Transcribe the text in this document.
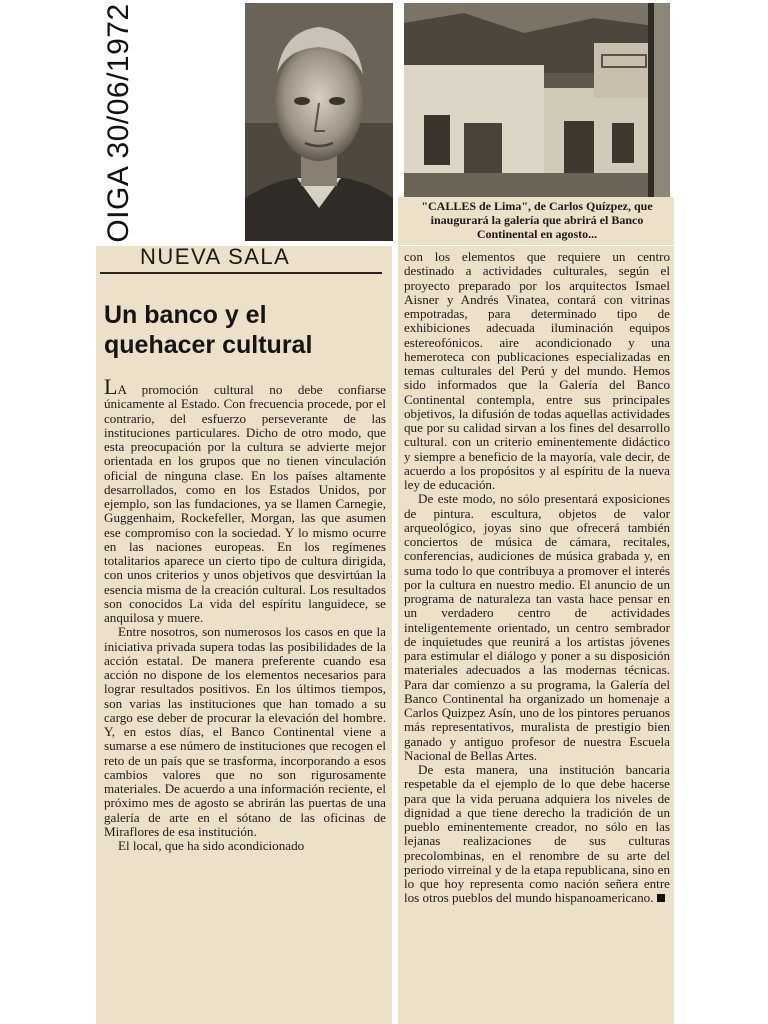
OIGA 30/06/1972	"CALLES de Lima", de Carlos Quízpez, que inaugurará la galería que abrirá el Banco Continental en agosto...
NUEVA SALA
Un banco y el quehacer cultural

LA promoción cultural no debe confiarse únicamente al Estado. Con frecuencia procede, por el contrario, del esfuerzo perseverante de las instituciones particulares. Dicho de otro modo, que esta preocupación por la cultura se advierte mejor orientada en los grupos que no tienen vinculación oficial de ninguna clase. En los países altamente desarrollados, como en los Estados Unidos, por ejemplo, son las fundaciones, ya se llamen Carnegie, Guggenhaim, Rockefeller, Morgan, las que asumen ese compromiso con la sociedad. Y lo mismo ocurre en las naciones europeas. En los regímenes totalitarios aparece un cierto tipo de cultura dirigida, con unos criterios y unos objetivos que desvirtúan la esencia misma de la creación cultural. Los resultados son conocidos La vida del espíritu languidece, se anquilosa y muere.

Entre nosotros, son numerosos los casos en que la iniciativa privada supera todas las posibilidades de la acción estatal. De manera preferente cuando esa acción no dispone de los elementos necesarios para lograr resultados positivos. En los últimos tiempos, son varias las instituciones que han tomado a su cargo ese deber de procurar la elevación del hombre. Y, en estos días, el Banco Continental viene a sumarse a ese número de instituciones que recogen el reto de un país que se trasforma, incorporando a esos cambios valores que no son rigurosamente materiales. De acuerdo a una información reciente, el próximo mes de agosto se abrirán las puertas de una galería de arte en el sótano de las oficinas de Miraflores de esa institución.

El local, que ha sido acondicionado

con los elementos que requiere un centro destinado a actividades culturales, según el proyecto preparado por los arquitectos Ismael Aisner y Andrés Vinatea, contará con vitrinas empotradas, para determinado tipo de exhibiciones adecuada iluminación equipos estereofónicos. aire acondicionado y una hemeroteca con publicaciones especializadas en temas culturales del Perú y del mundo. Hemos sido informados que la Galería del Banco Continental contempla, entre sus principales objetivos, la difusión de todas aquellas actividades que por su calidad sirvan a los fines del desarrollo cultural. con un criterio eminentemente didáctico y siempre a beneficio de la mayoría, vale decir, de acuerdo a los propósitos y al espíritu de la nueva ley de educación.

De este modo, no sólo presentará exposiciones de pintura. escultura, objetos de valor arqueológico, joyas sino que ofrecerá también conciertos de música de cámara, recitales, conferencias, audiciones de música grabada y, en suma todo lo que contribuya a promover el interés por la cultura en nuestro medio. El anuncio de un programa de naturaleza tan vasta hace pensar en un verdadero centro de actividades inteligentemente orientado, un centro sembrador de inquietudes que reunirá a los artistas jóvenes para estimular el diálogo y poner a su disposición materiales adecuados a las modernas técnicas. Para dar comienzo a su programa, la Galería del Banco Continental ha organizado un homenaje a Carlos Quizpez Asín, uno de los pintores peruanos más representativos, muralista de prestigio bien ganado y antiguo profesor de nuestra Escuela Nacional de Bellas Artes.

De esta manera, una institución bancaria respetable da el ejemplo de lo que debe hacerse para que la vida peruana adquiera los niveles de dignidad a que tiene derecho la tradición de un pueblo eminentemente creador, no sólo en las lejanas realizaciones de sus culturas precolombinas, en el renombre de su arte del periodo virreinal y de la etapa republicana, sino en lo que hoy representa como nación señera entre los otros pueblos del mundo hispanoamericano.
